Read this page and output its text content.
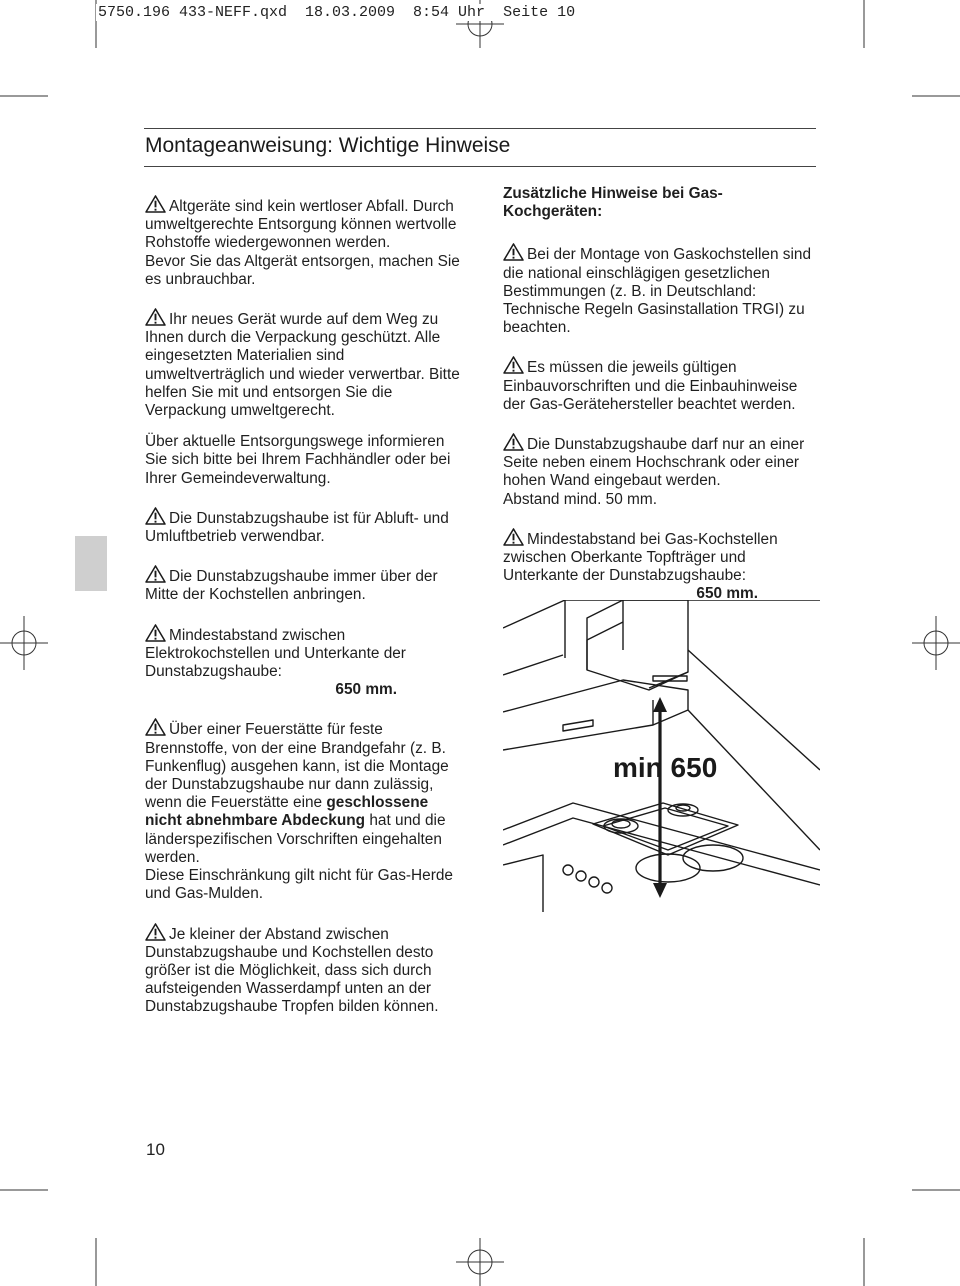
5750.196 433-NEFF.qxd  18.03.2009  8:54 Uhr  Seite 10
Montageanweisung: Wichtige Hinweise

Altgeräte sind kein wertloser Abfall. Durch umweltgerechte Entsorgung können wertvolle Rohstoffe wiedergewonnen werden.
Bevor Sie das Altgerät entsorgen, machen Sie es unbrauchbar.

Ihr neues Gerät wurde auf dem Weg zu Ihnen durch die Verpackung geschützt. Alle eingesetzten Materialien sind umweltverträglich und wieder verwertbar. Bitte helfen Sie mit und entsorgen Sie die Verpackung umweltgerecht.

Über aktuelle Entsorgungswege informieren Sie sich bitte bei Ihrem Fachhändler oder bei Ihrer Gemeindeverwaltung.

Die Dunstabzugshaube ist für Abluft- und Umluftbetrieb verwendbar.

Die Dunstabzugshaube immer über der Mitte der Kochstellen anbringen.

Mindestabstand zwischen Elektrokochstellen und Unterkante der Dunstabzugshaube:
650 mm.

Über einer Feuerstätte für feste Brennstoffe, von der eine Brandgefahr (z. B. Funkenflug) ausgehen kann, ist die Montage der Dunstabzugshaube nur dann zulässig, wenn die Feuerstätte eine geschlossene nicht abnehmbare Abdeckung hat und die länderspezifischen Vorschriften eingehalten werden.
Diese Einschränkung gilt nicht für Gas-Herde und Gas-Mulden.

Je kleiner der Abstand zwischen Dunstabzugshaube und Kochstellen desto größer ist die Möglichkeit, dass sich durch aufsteigenden Wasserdampf unten an der Dunstabzugshaube Tropfen bilden können.

Zusätzliche Hinweise bei Gas-Kochgeräten:

Bei der Montage von Gaskochstellen sind die national einschlägigen gesetzlichen Bestimmungen (z. B. in Deutschland: Technische Regeln Gasinstallation TRGI) zu beachten.

Es müssen die jeweils gültigen Einbauvorschriften und die Einbauhinweise der Gas-Gerätehersteller beachtet werden.

Die Dunstabzugshaube darf nur an einer Seite neben einem Hochschrank oder einer hohen Wand eingebaut werden.
Abstand mind. 50 mm.

Mindestabstand bei Gas-Kochstellen zwischen Oberkante Topfträger und Unterkante der Dunstabzugshaube:
650 mm.

min 650
10
